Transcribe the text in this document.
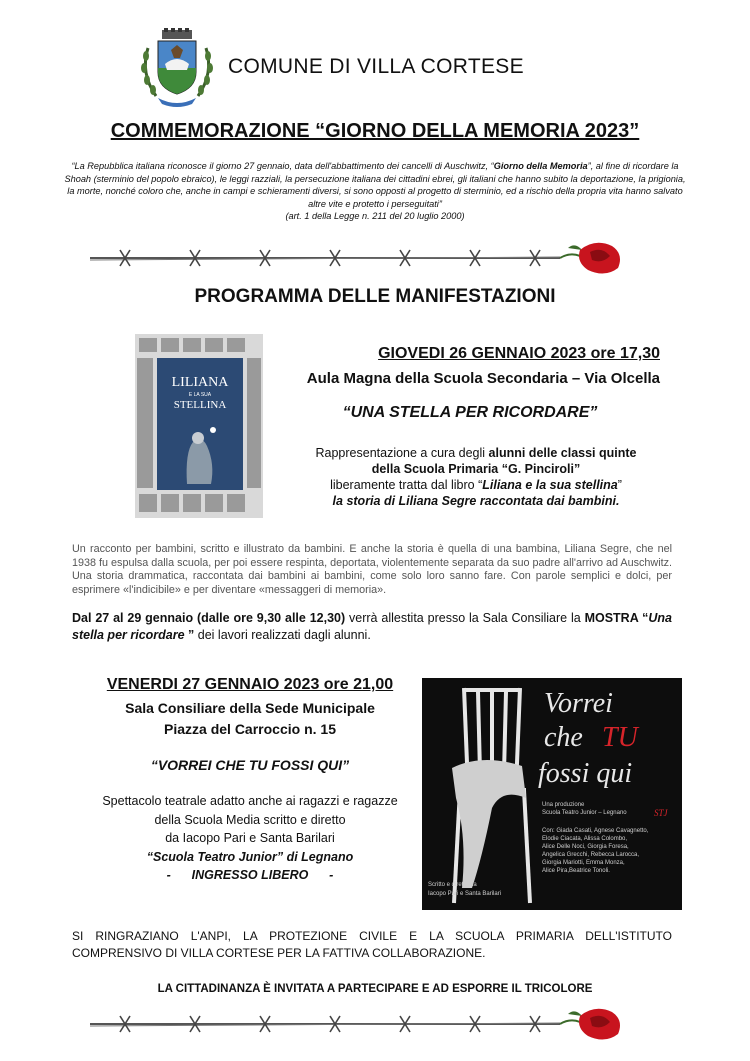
COMUNE DI VILLA CORTESE
COMMEMORAZIONE “GIORNO DELLA MEMORIA 2023”
“La Repubblica italiana riconosce il giorno 27 gennaio, data dell'abbattimento dei cancelli di Auschwitz, “Giorno della Memoria”, al fine di ricordare la Shoah (sterminio del popolo ebraico), le leggi razziali, la persecuzione italiana dei cittadini ebrei, gli italiani che hanno subito la deportazione, la prigionia, la morte, nonché coloro che, anche in campi e schieramenti diversi, si sono opposti al progetto di sterminio, ed a rischio della propria vita hanno salvato altre vite e protetto i perseguitati”
(art. 1 della Legge n. 211 del 20 luglio 2000)
PROGRAMMA DELLE MANIFESTAZIONI
LILIANA
E LA SUA
STELLINA
GIOVEDI 26 GENNAIO 2023 ore 17,30
Aula Magna della Scuola Secondaria – Via Olcella
“UNA STELLA PER RICORDARE”
Rappresentazione a cura degli alunni delle classi quinte
della Scuola Primaria “G. Pinciroli”
liberamente tratta dal libro “Liliana e la sua stellina”
la storia di Liliana Segre raccontata dai bambini.
Un racconto per bambini, scritto e illustrato da bambini. E anche la storia è quella di una bambina, Liliana Segre, che nel 1938 fu espulsa dalla scuola, per poi essere respinta, deportata, violentemente separata da suo padre all'arrivo ad Auschwitz. Una storia drammatica, raccontata dai bambini ai bambini, come solo loro sanno fare. Con parole semplici e dolci, per esprimere «l'indicibile» e per diventare «messaggeri di memoria».
Dal 27 al 29 gennaio (dalle ore 9,30 alle 12,30) verrà allestita presso la Sala Consiliare la MOSTRA “Una stella per ricordare ” dei lavori realizzati dagli alunni.
VENERDI 27 GENNAIO 2023 ore 21,00
Sala Consiliare della Sede Municipale
Piazza del Carroccio n. 15
“VORREI CHE TU FOSSI QUI”
Spettacolo teatrale adatto anche ai ragazzi e ragazze
della Scuola Media scritto e diretto
da Iacopo Pari e Santa Barilari
“Scuola Teatro Junior” di Legnano
-      INGRESSO LIBERO      -
Vorrei
che TU
fossi qui
Una produzione
Scuola Teatro Junior – Legnano	STJ
Con: Giada Casati, Agnese Cavagnetto,
Elodie Ciacata, Alissa Colombo,
Alice Delle Noci, Giorgia Foresa,
Angelica Grecchi, Rebecca Larocca,
Giorgia Mariotti, Emma Monza,
Alice Pira,Beatrice Tonoli.
Scritto e diretto da
Iacopo Pari e Santa Barilari
SI RINGRAZIANO L'ANPI, LA PROTEZIONE CIVILE E LA SCUOLA PRIMARIA DELL'ISTITUTO COMPRENSIVO DI VILLA CORTESE PER LA FATTIVA COLLABORAZIONE.
LA CITTADINANZA È INVITATA A PARTECIPARE E AD ESPORRE IL TRICOLORE
